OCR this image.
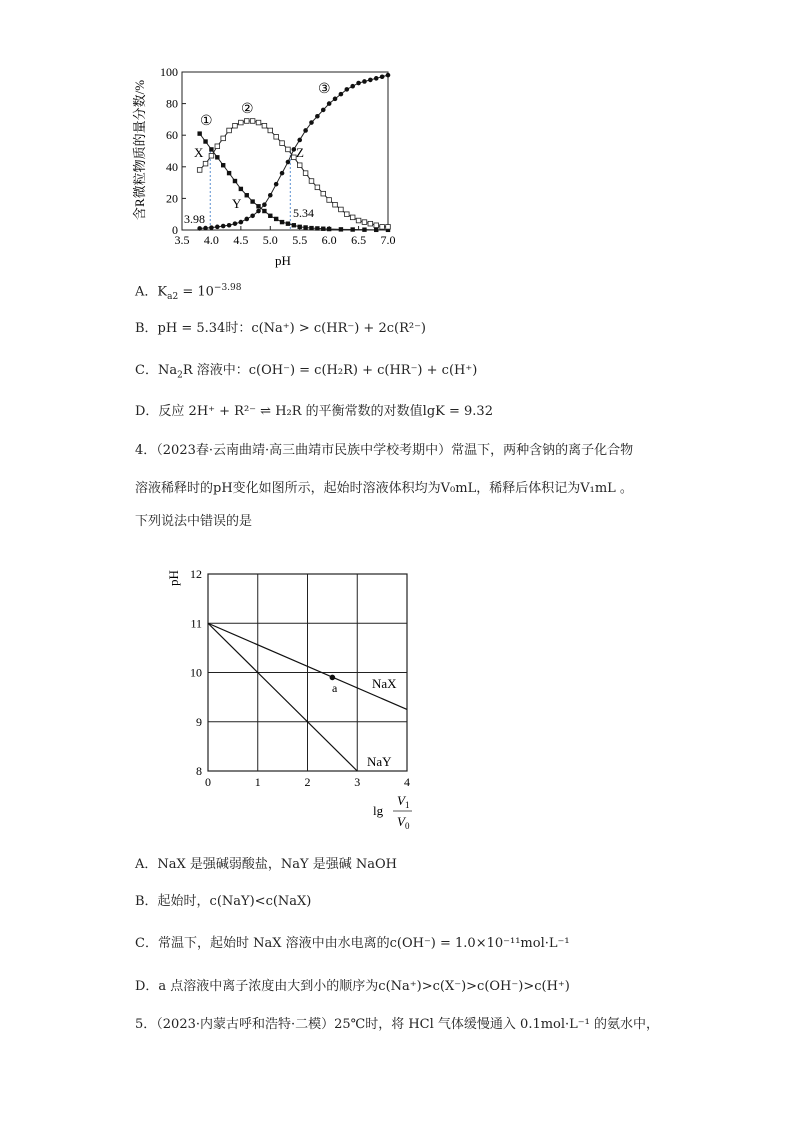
3.5 4.0 4.5 5.0 5.5 6.0 6.5 7.0
0
20
40
60
80
100
含R微粒物质的量分数/%
pH
①
②
③
X
Y
Z
3.98	5.34
A．$K_{a2} = 10^{-3.98}$
B．pH = 5.34时：c(Na⁺) > c(HR⁻) + 2c(R²⁻)
C．$Na_2R$ 溶液中：c(OH⁻) = c(H₂R) + c(HR⁻) + c(H⁺)
D．反应 2H⁺ + R²⁻ ⇌ H₂R 的平衡常数的对数值lgK = 9.32
4．（2023春·云南曲靖·高三曲靖市民族中学校考期中）常温下，两种含钠的离子化合物
溶液稀释时的pH变化如图所示，起始时溶液体积均为V₀mL，稀释后体积记为V₁mL 。
下列说法中错误的是
0	1	2	3	4
8
9
10
11
12
pH
NaX
NaY
a
lg
$V_1$
$V_0$
A．NaX 是强碱弱酸盐，NaY 是强碱 NaOH
B．起始时，c(NaY)<c(NaX)
C．常温下，起始时 NaX 溶液中由水电离的c(OH⁻) = 1.0×10⁻¹¹mol·L⁻¹
D．a 点溶液中离子浓度由大到小的顺序为c(Na⁺)>c(X⁻)>c(OH⁻)>c(H⁺)
5．（2023·内蒙古呼和浩特·二模）25℃时，将 HCl 气体缓慢通入 0.1mol·L⁻¹ 的氨水中，
